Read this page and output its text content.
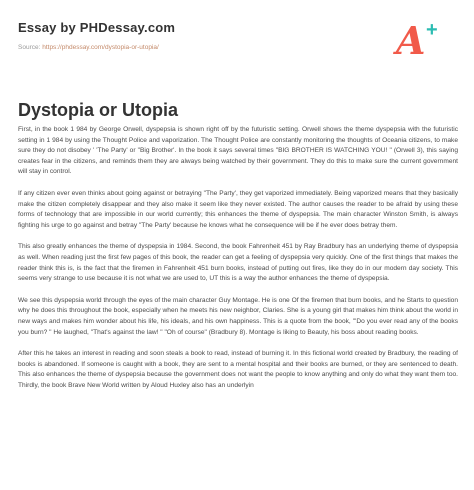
Essay by PHDessay.com
Source: https://phdessay.com/dystopia-or-utopia/	A +
Dystopia or Utopia

First, in the book 1 984 by George Orwell, dyspepsia is shown right off by the futuristic setting. Orwell shows the theme dyspepsia with the futuristic setting in 1 984 by using the Thought Police and vaporization. The Thought Police are constantly monitoring the thoughts of Oceania citizens, to make sure they do not disobey ' 'The Party' or "Big Brother'. In the book it says several times "BIG BROTHER IS WATCHING YOU! " (Orwell 3), this saying creates fear in the citizens, and reminds them they are always being watched by their government. They do this to make sure the current government will stay in control.

If any citizen ever even thinks about going against or betraying "The Party', they get vaporized immediately. Being vaporized means that they basically make the citizen completely disappear and they also make it seem like they never existed. The author causes the reader to be afraid by using these forms of technology that are impossible in our world currently; this enhances the theme of dyspepsia. The main character Winston Smith, is always fighting his urge to go against and betray "The Party' because he knows what he consequence will be if he ever does betray them.

This also greatly enhances the theme of dyspepsia in 1984. Second, the book Fahrenheit 451 by Ray Bradbury has an underlying theme of dyspepsia as well. When reading just the first few pages of this book, the reader can get a feeling of dyspepsia very quickly. One of the first things that makes the reader think this is, is the fact that the firemen in Fahrenheit 451 burn books, instead of putting out fires, like they do in our modern day society. This seems very strange to use because it is not what we are used to, UT this is a way the author enhances the theme of dyspepsia.

We see this dyspepsia world through the eyes of the main character Guy Montage. He is one Of the firemen that burn books, and he Starts to question why he does this throughout the book, especially when he meets his new neighbor, Claries. She is a young girl that makes him think about the world in new ways and makes him wonder about his life, his ideals, and his own happiness. This is a quote from the book, "'Do you ever read any of the books you burn? " He laughed, "That's against the law! " "Oh of course" (Bradbury 8). Montage is liking to Beauty, his boss about reading books.

After this he takes an interest in reading and soon steals a book to read, instead of burning it. In this fictional world created by Bradbury, the reading of books is abandoned. If someone is caught with a book, they are sent to a mental hospital and their books are burned, or they are sentenced to death. This also enhances the theme of dyspepsia because the government does not want the people to know anything and only do what they want them too. Thirdly, the book Brave New World written by Aloud Huxley also has an underlyin
